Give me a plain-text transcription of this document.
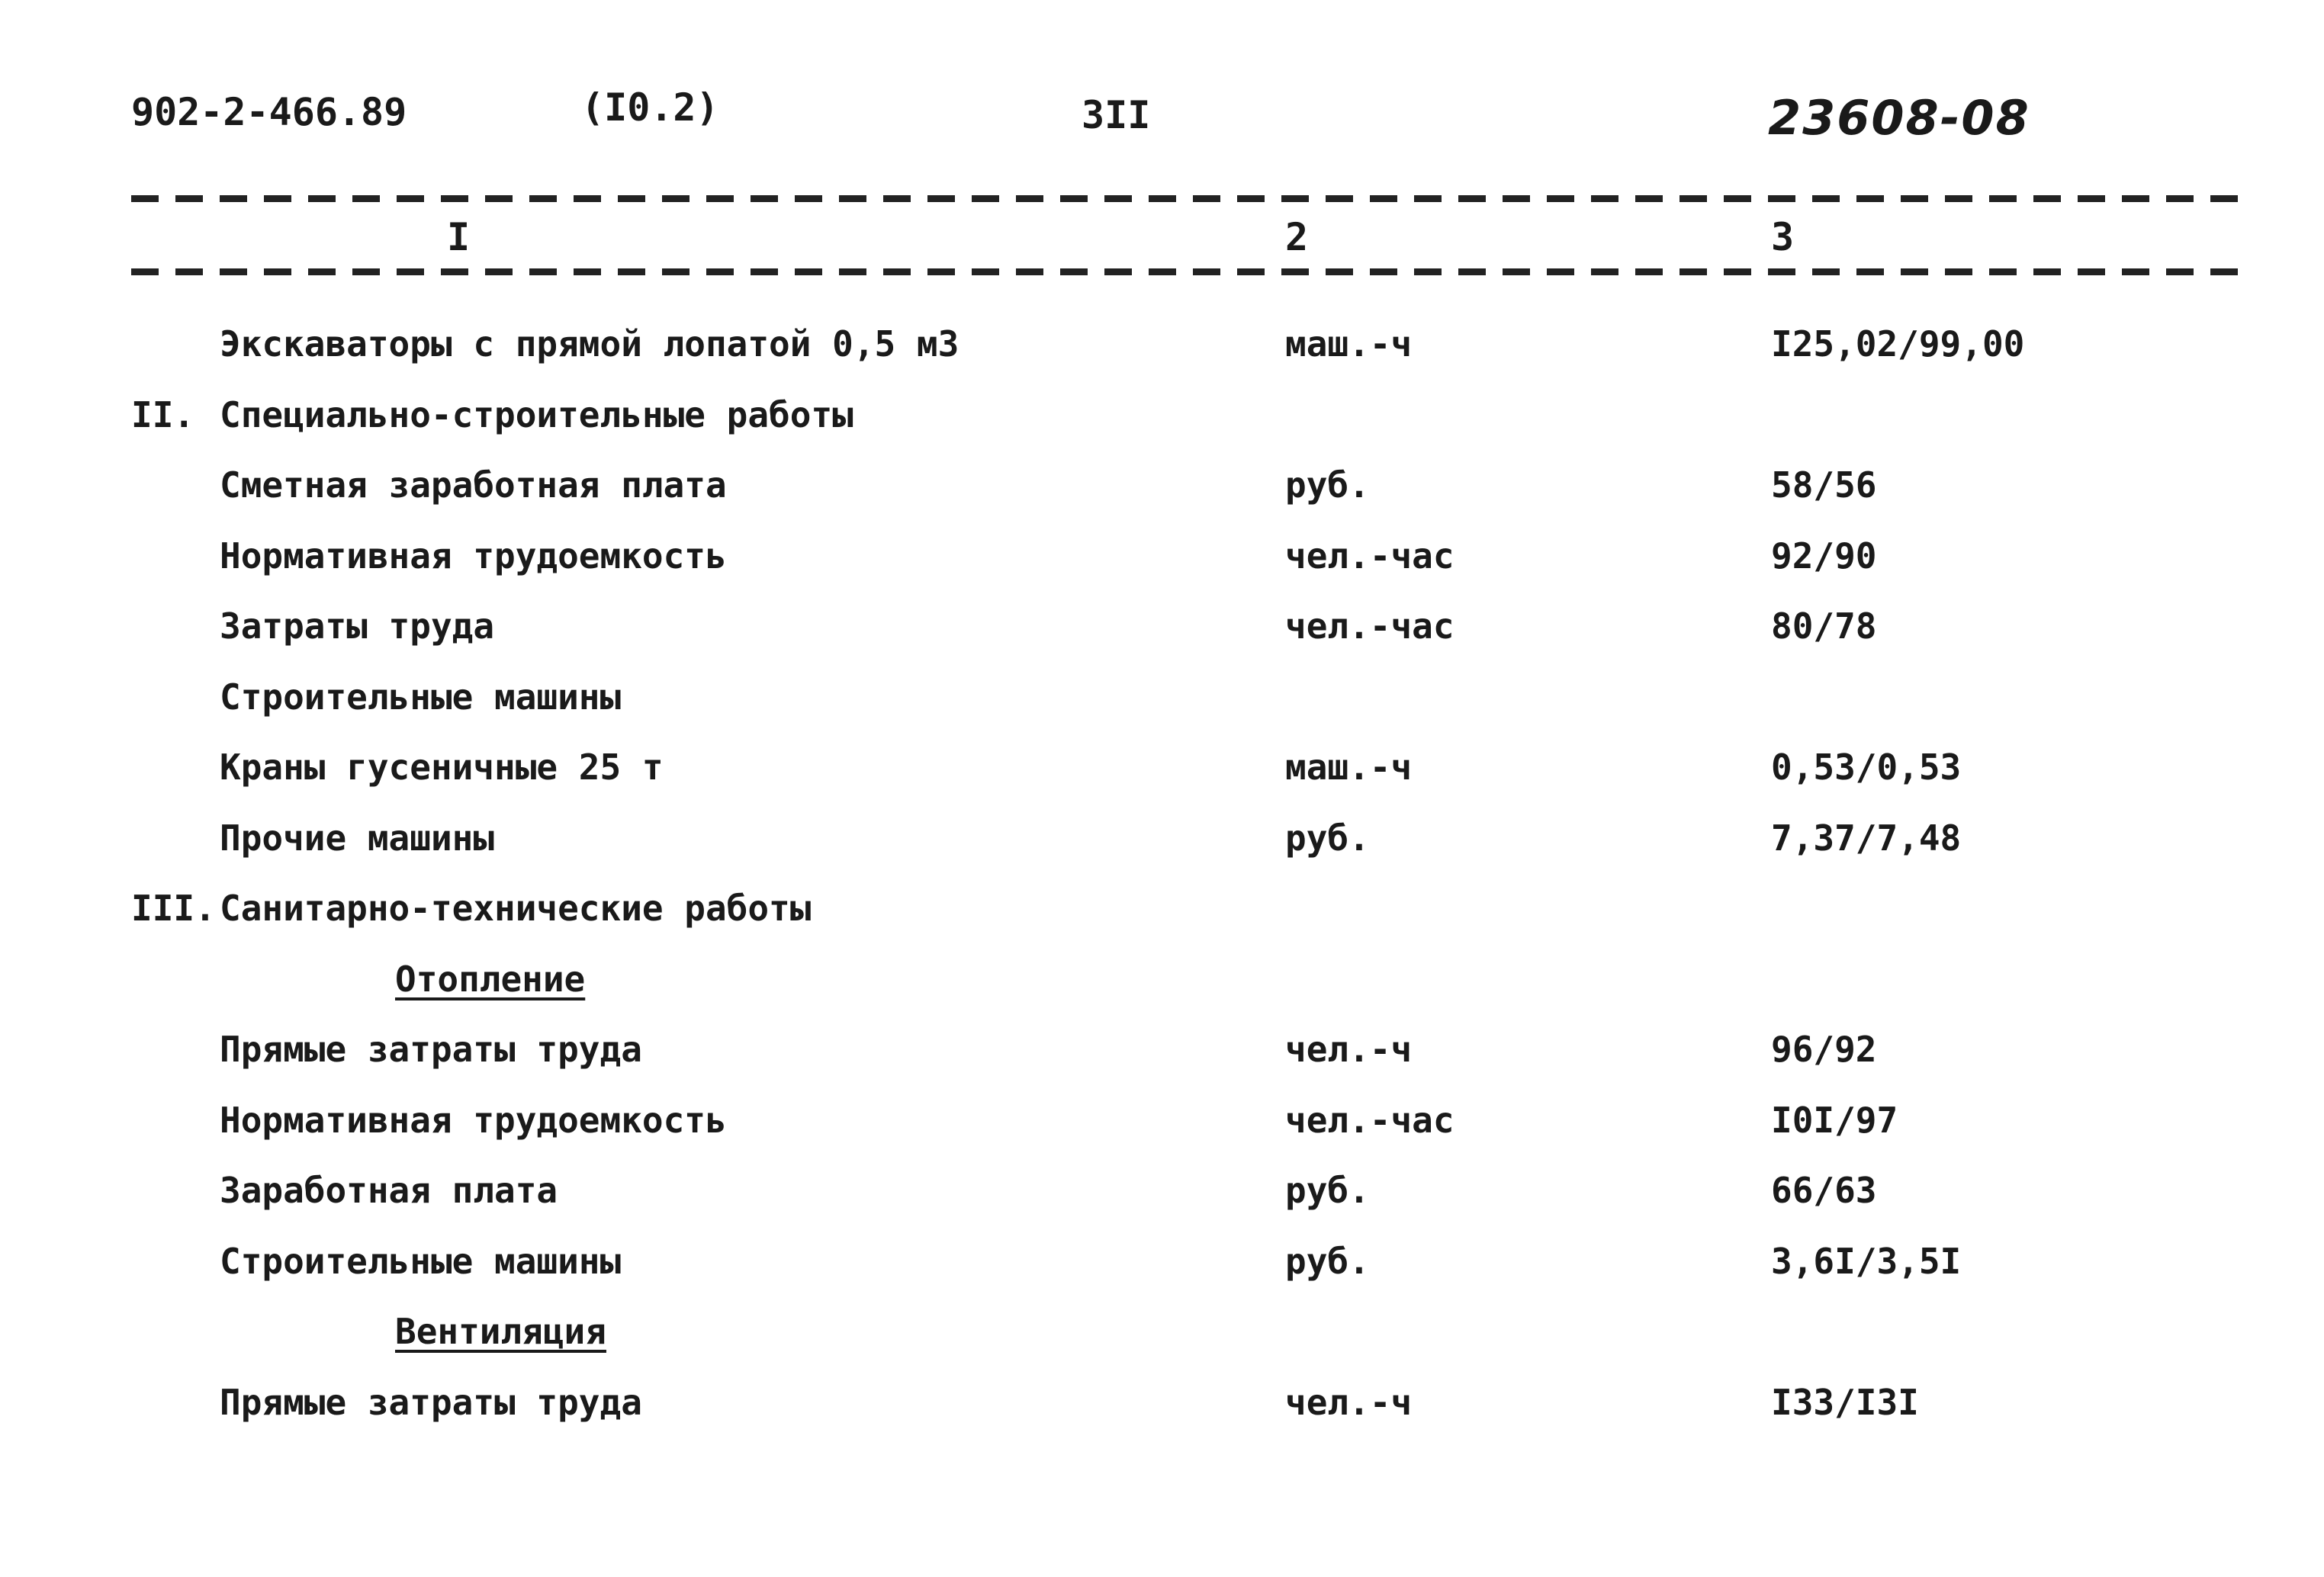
902-2-466.89	(I0.2)	3II	23608-08
I	2	3
Экскаваторы с прямой лопатой 0,5 м3	маш.-ч	I25,02/99,00
II. Специально-строительные работы
Сметная заработная плата	руб.	58/56
Нормативная трудоемкость	чел.-час	92/90
Затраты труда	чел.-час	80/78
Строительные машины
Краны гусеничные 25 т	маш.-ч	0,53/0,53
Прочие машины	руб.	7,37/7,48
III. Санитарно-технические работы
Отопление
Прямые затраты труда	чел.-ч	96/92
Нормативная трудоемкость	чел.-час	I0I/97
Заработная плата	руб.	66/63
Строительные машины	руб.	3,6I/3,5I
Вентиляция
Прямые затраты труда	чел.-ч	I33/I3I
